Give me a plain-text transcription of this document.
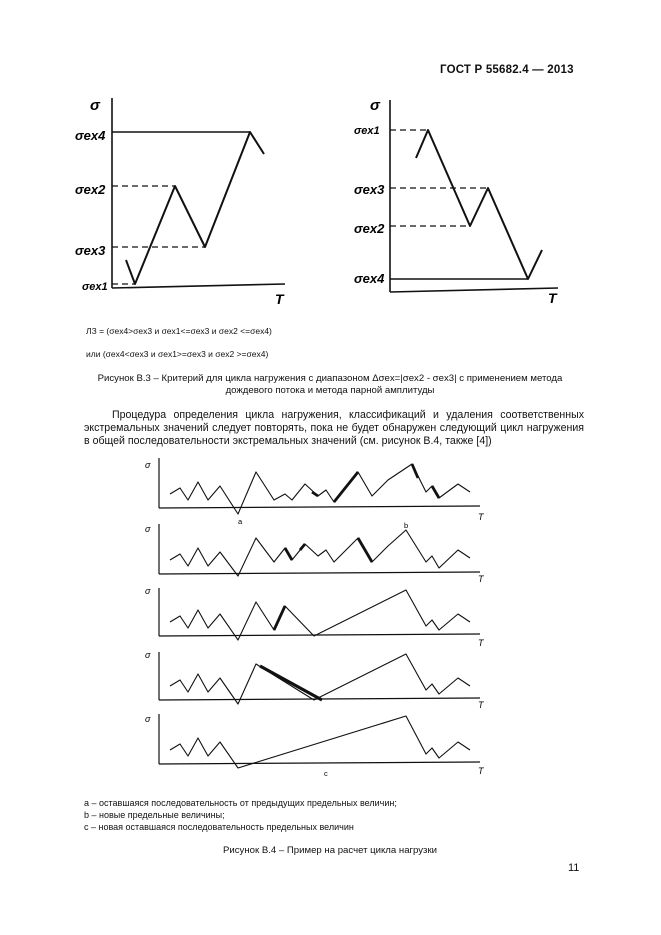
ГОСТ Р 55682.4 — 2013
σ
T
σex4
σex2
σex3
σex1
σ
T
σex1
σex3
σex2
σex4
ЛЗ = (σex4>σex3 и σex1<=σex3 и σex2 <=σex4)
или (σex4<σex3 и σex1>=σex3 и σex2 >=σex4)
Рисунок В.3 – Критерий для цикла нагружения с диапазоном Δσex=|σex2 - σex3| с применением метода
дождевого потока и метода парной амплитуды
Процедура определения цикла нагружения, классификаций и удаления соответственных экстремальных значений следует повторять, пока не будет обнаружен следующий цикл нагружения в общей последовательности экстремальных значений (см. рисунок В.4, также [4])
σ
T
σ
T
σ
T
σ
T
σ
T
a	b
c
а – оставшаяся последовательность от предыдущих предельных величин;
b – новые предельные величины;
с – новая оставшаяся последовательность предельных величин
Рисунок В.4 – Пример на расчет цикла нагрузки
11
